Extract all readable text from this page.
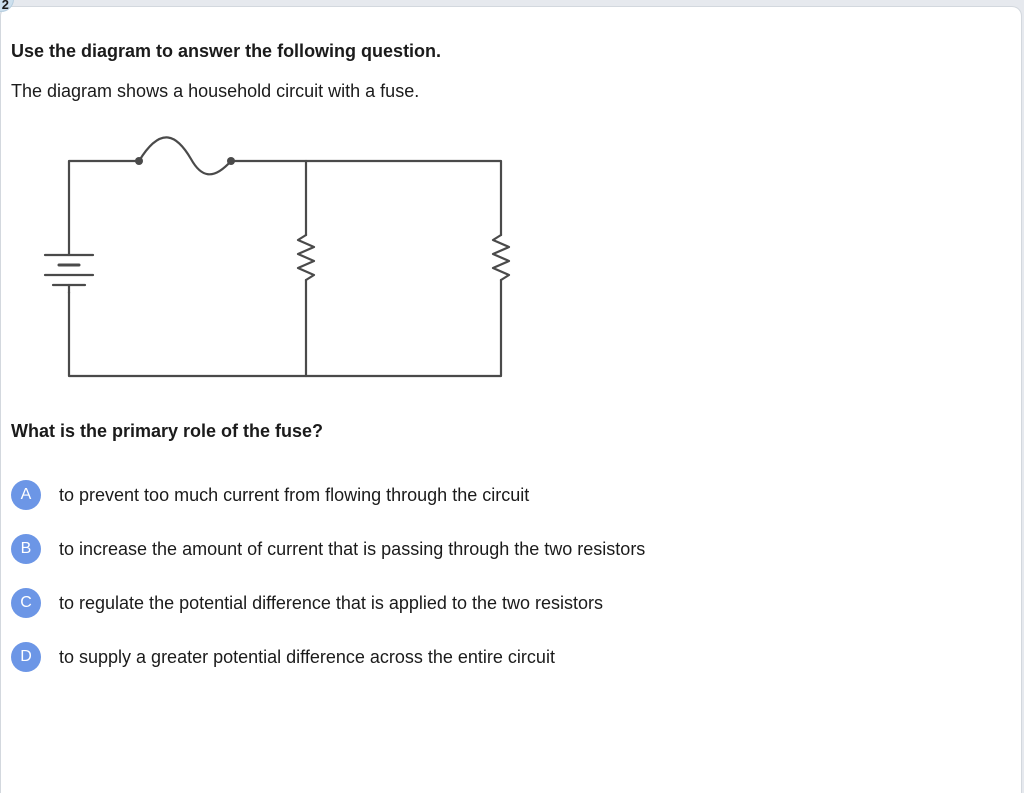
Use the diagram to answer the following question.

The diagram shows a household circuit with a fuse.

What is the primary role of the fuse?

A	to prevent too much current from flowing through the circuit
B	to increase the amount of current that is passing through the two resistors
C	to regulate the potential difference that is applied to the two resistors
D	to supply a greater potential difference across the entire circuit
2
